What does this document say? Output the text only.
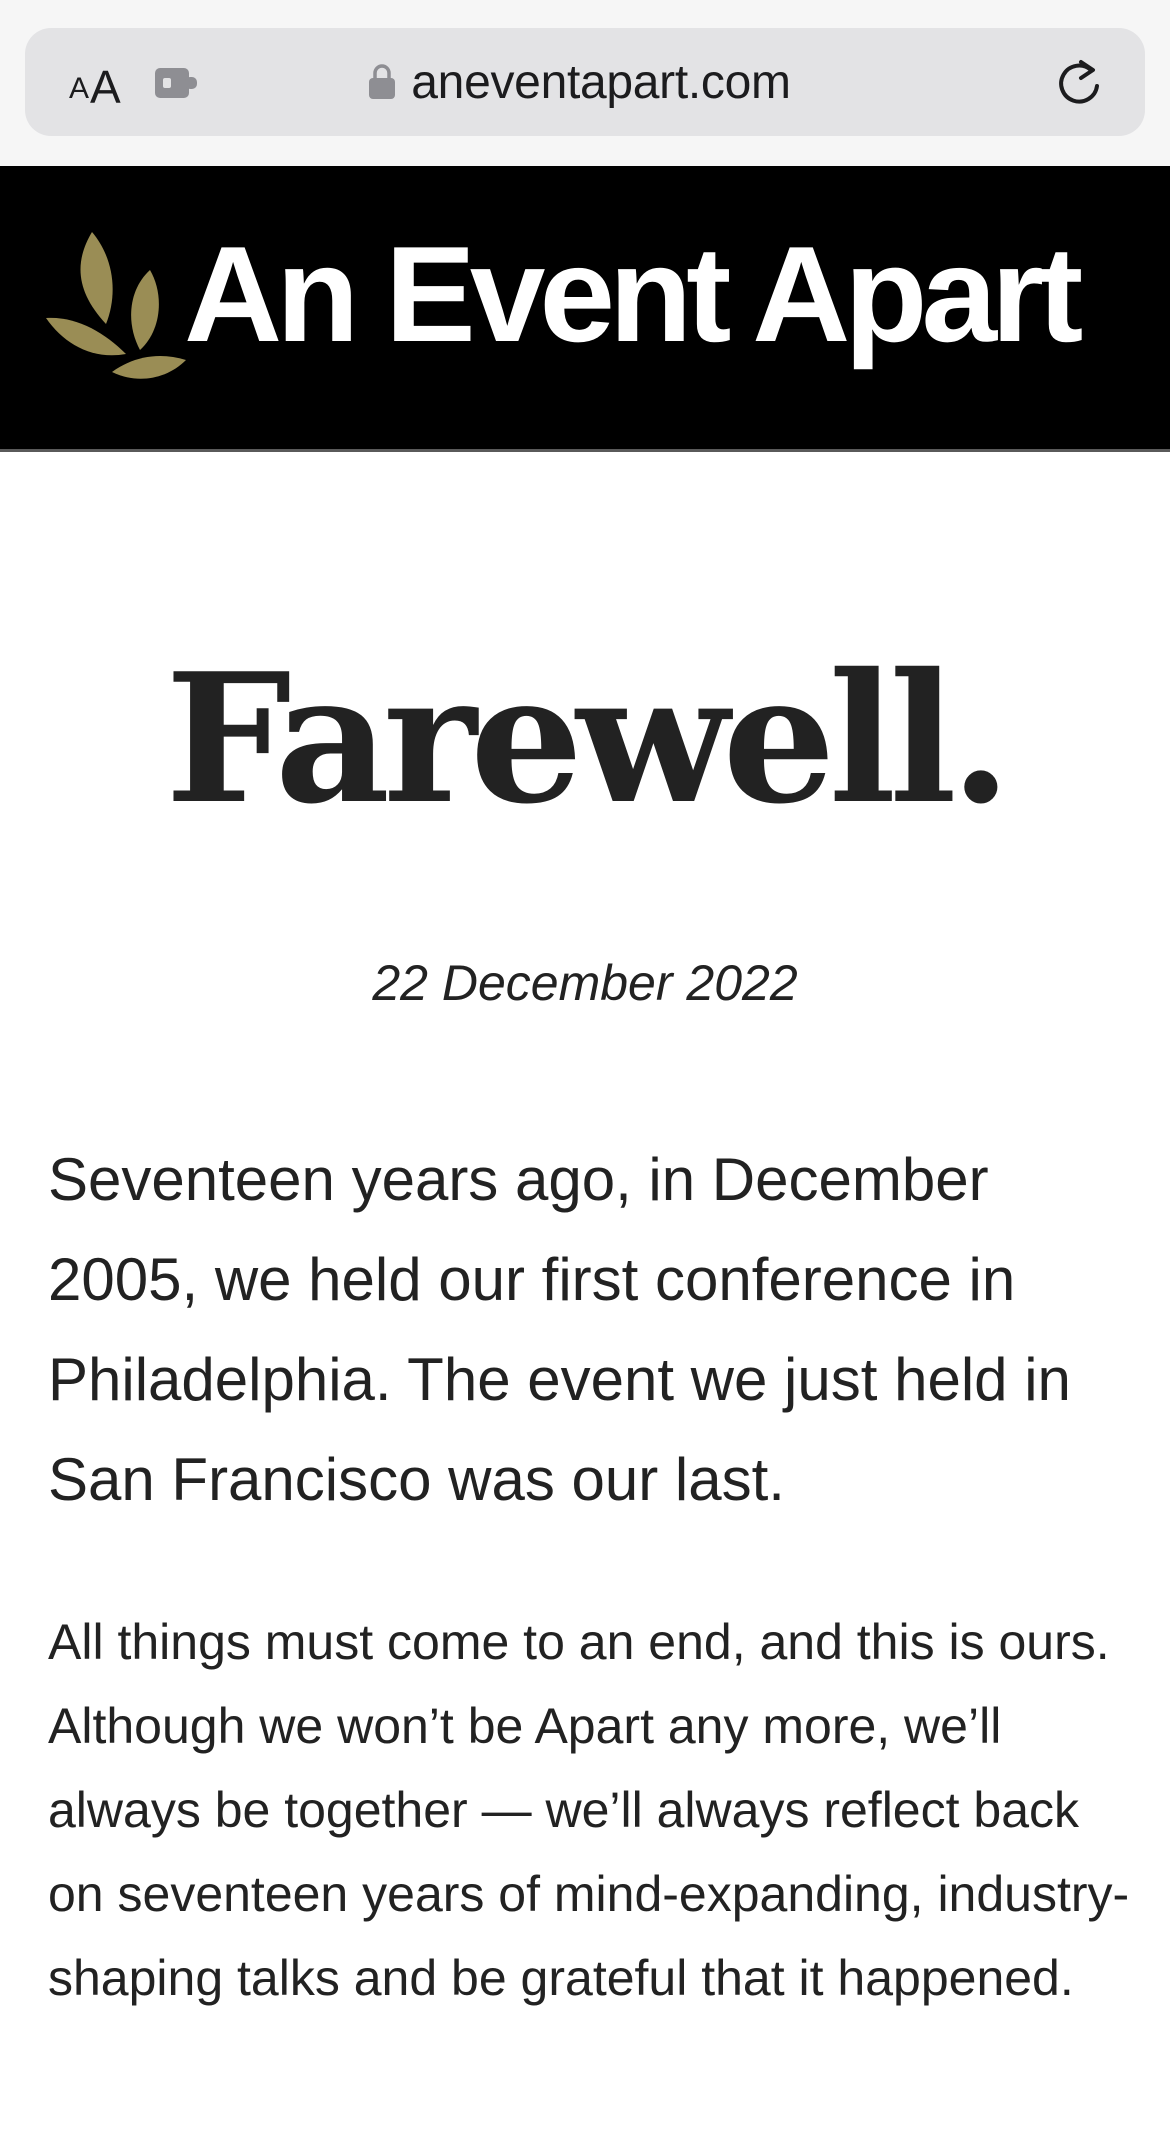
A A	aneventapart.com
An Event Apart
Farewell.
22 December 2022

Seventeen years ago, in December 2005, we held our first conference in Philadelphia. The event we just held in San Francisco was our last.

All things must come to an end, and this is ours. Although we won’t be Apart any more, we’ll always be together — we’ll always reflect back on seventeen years of mind-expanding, industry-shaping talks and be grateful that it happened.
